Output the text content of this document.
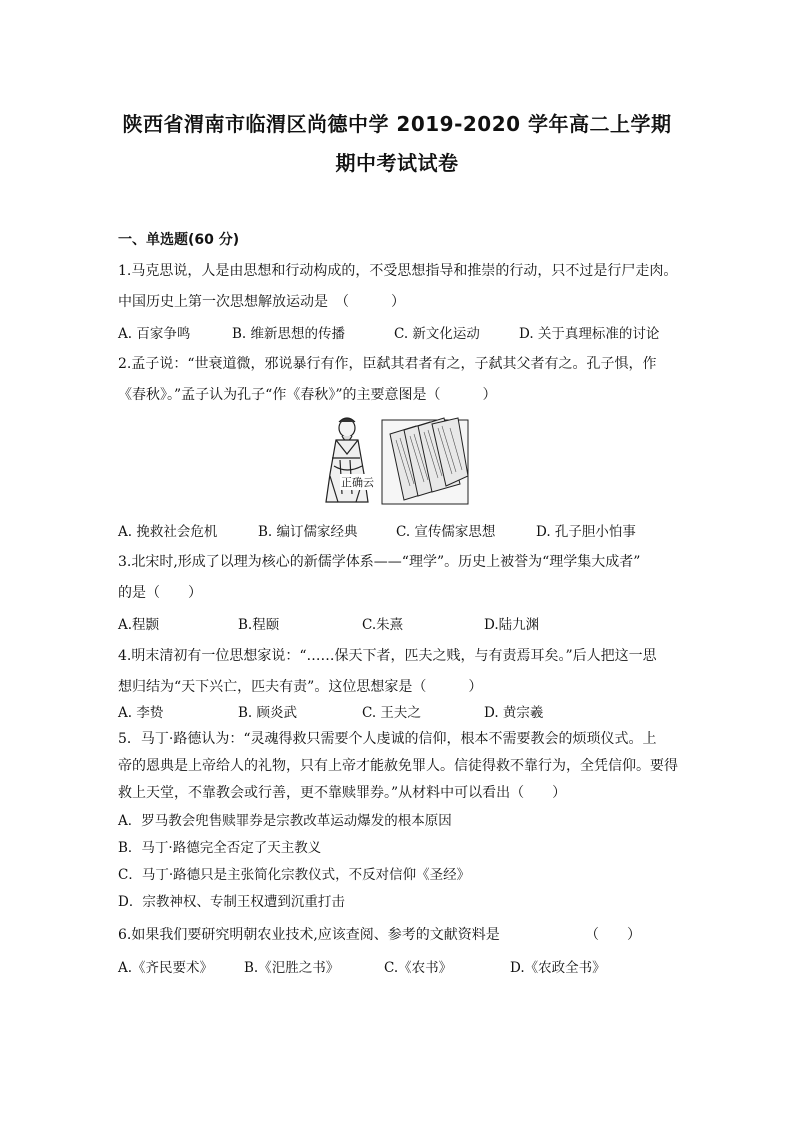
陕西省渭南市临渭区尚德中学 2019-2020 学年高二上学期
期中考试试卷
一、单选题(60 分)
1.马克思说，人是由思想和行动构成的，不受思想指导和推崇的行动，只不过是行尸走肉。
中国历史上第一次思想解放运动是　（　　　）
A. 百家争鸣	B. 维新思想的传播	C. 新文化运动	D. 关于真理标准的讨论
2.孟子说：“世衰道微，邪说暴行有作，臣弑其君者有之，子弑其父者有之。孔子惧，作
《春秋》。”孟子认为孔子“作《春秋》”的主要意图是（　　　）
正确云
A. 挽救社会危机	B. 编订儒家经典	C. 宣传儒家思想	D. 孔子胆小怕事
3.北宋时,形成了以理为核心的新儒学体系——“理学”。历史上被誉为“理学集大成者”
的是（　　）
A.程颢	B.程颐	C.朱熹	D.陆九渊
4.明末清初有一位思想家说：“……保天下者，匹夫之贱，与有责焉耳矣。”后人把这一思
想归结为“天下兴亡，匹夫有责”。这位思想家是（　　　）
A. 李贽	B. 顾炎武	C. 王夫之	D. 黄宗羲
5．马丁·路德认为：“灵魂得救只需要个人虔诚的信仰，根本不需要教会的烦琐仪式。上
帝的恩典是上帝给人的礼物，只有上帝才能赦免罪人。信徒得救不靠行为，全凭信仰。要得
救上天堂，不靠教会或行善，更不靠赎罪券。”从材料中可以看出（　　）
A．罗马教会兜售赎罪券是宗教改革运动爆发的根本原因
B．马丁·路德完全否定了天主教义
C．马丁·路德只是主张简化宗教仪式，不反对信仰《圣经》
D．宗教神权、专制王权遭到沉重打击
6.如果我们要研究明朝农业技术,应该查阅、参考的文献资料是	（　　）
A.《齐民要术》 B.《汜胜之书》	C.《农书》	D.《农政全书》
